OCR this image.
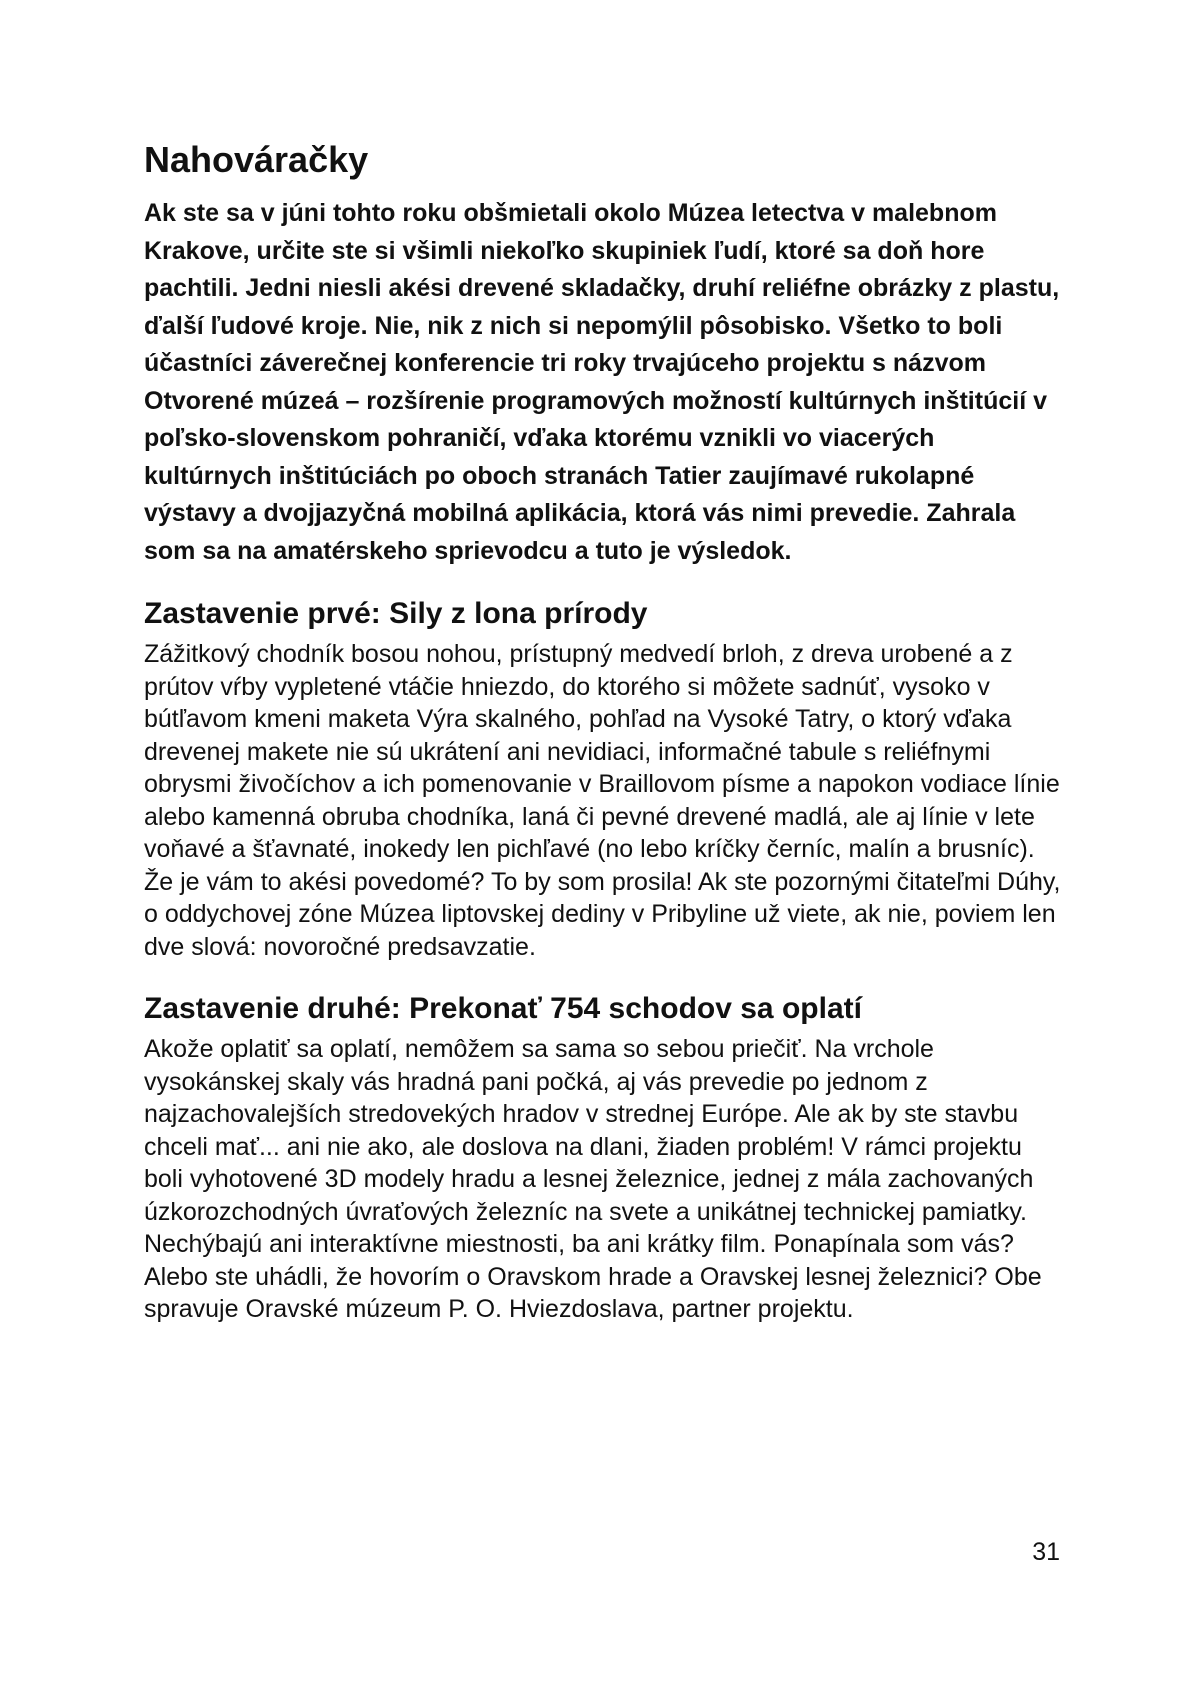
Nahováračky

Ak ste sa v júni tohto roku obšmietali okolo Múzea letectva v malebnom Krakove, určite ste si všimli niekoľko skupiniek ľudí, ktoré sa doň hore pachtili. Jedni niesli akési drevené skladačky, druhí reliéfne obrázky z plastu, ďalší ľudové kroje. Nie, nik z nich si nepomýlil pôsobisko. Všetko to boli účastníci záverečnej konferencie tri roky trvajúceho projektu s názvom Otvorené múzeá – rozšírenie programových možností kultúrnych inštitúcií v poľsko-slovenskom pohraničí, vďaka ktorému vznikli vo viacerých kultúrnych inštitúciách po oboch stranách Tatier zaujímavé rukolapné výstavy a dvojjazyčná mobilná aplikácia, ktorá vás nimi prevedie. Zahrala som sa na amatérskeho sprievodcu a tuto je výsledok.

Zastavenie prvé: Sily z lona prírody

Zážitkový chodník bosou nohou, prístupný medvedí brloh, z dreva urobené a z prútov vŕby vypletené vtáčie hniezdo, do ktorého si môžete sadnúť, vysoko v bútľavom kmeni maketa Výra skalného, pohľad na Vysoké Tatry, o ktorý vďaka drevenej makete nie sú ukrátení ani nevidiaci, informačné tabule s reliéfnymi obrysmi živočíchov a ich pomenovanie v Braillovom písme a napokon vodiace línie alebo kamenná obruba chodníka, laná či pevné drevené madlá, ale aj línie v lete voňavé a šťavnaté, inokedy len pichľavé (no lebo kríčky černíc, malín a brusníc). Že je vám to akési povedomé? To by som prosila! Ak ste pozornými čitateľmi Dúhy, o oddychovej zóne Múzea liptovskej dediny v Pribyline už viete, ak nie, poviem len dve slová: novoročné predsavzatie.

Zastavenie druhé: Prekonať 754 schodov sa oplatí

Akože oplatiť sa oplatí, nemôžem sa sama so sebou priečiť. Na vrchole vysokánskej skaly vás hradná pani počká, aj vás prevedie po jednom z najzachovalejších stredovekých hradov v strednej Európe. Ale ak by ste stavbu chceli mať... ani nie ako, ale doslova na dlani, žiaden problém! V rámci projektu boli vyhotovené 3D modely hradu a lesnej železnice, jednej z mála zachovaných úzkorozchodných úvraťových železníc na svete a unikátnej technickej pamiatky. Nechýbajú ani interaktívne miestnosti, ba ani krátky film. Ponapínala som vás? Alebo ste uhádli, že hovorím o Oravskom hrade a Oravskej lesnej železnici? Obe spravuje Oravské múzeum P. O. Hviezdoslava, partner projektu.

31
